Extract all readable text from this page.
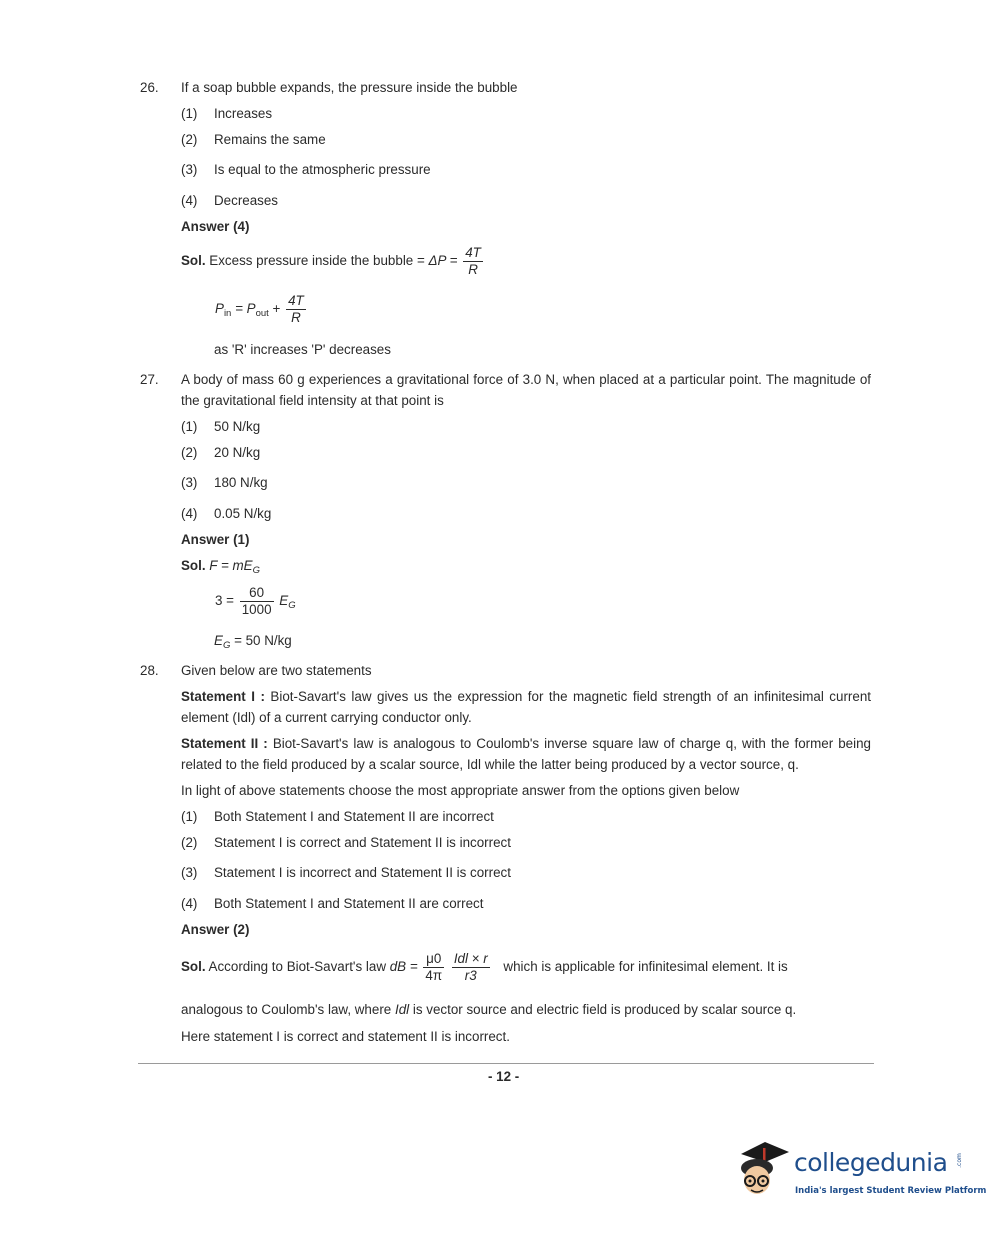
26. If a soap bubble expands, the pressure inside the bubble
(1) Increases
(2) Remains the same
(3) Is equal to the atmospheric pressure
(4) Decreases
Answer (4)
Sol. Excess pressure inside the bubble = $\Delta P = \frac{4T}{R}$
$P_{in} = P_{out} + \frac{4T}{R}$
as 'R' increases 'P' decreases
27. A body of mass 60 g experiences a gravitational force of 3.0 N, when placed at a particular point. The magnitude of the gravitational field intensity at that point is
(1) 50 N/kg
(2) 20 N/kg
(3) 180 N/kg
(4) 0.05 N/kg
Answer (1)
Sol. $F = mE_G$
$3 = \frac{60}{1000} E_G$
$E_G = 50$ N/kg
28. Given below are two statements
Statement I : Biot-Savart's law gives us the expression for the magnetic field strength of an infinitesimal current element (Idl) of a current carrying conductor only.
Statement II : Biot-Savart's law is analogous to Coulomb's inverse square law of charge q, with the former being related to the field produced by a scalar source, Idl while the latter being produced by a vector source, q.
In light of above statements choose the most appropriate answer from the options given below
(1) Both Statement I and Statement II are incorrect
(2) Statement I is correct and Statement II is incorrect
(3) Statement I is incorrect and Statement II is correct
(4) Both Statement I and Statement II are correct
Answer (2)
Sol. According to Biot-Savart's law dB = $\frac{\mu 0}{4\pi}$
$\frac{\text{Idl × r}}{r3}$ which is applicable for infinitesimal element. It is
analogous to Coulomb's law, where Idl is vector source and electric field is produced by scalar source q.
Here statement I is correct and statement II is incorrect.
- 12 -
collegedunia .com
India's largest Student Review Platform
